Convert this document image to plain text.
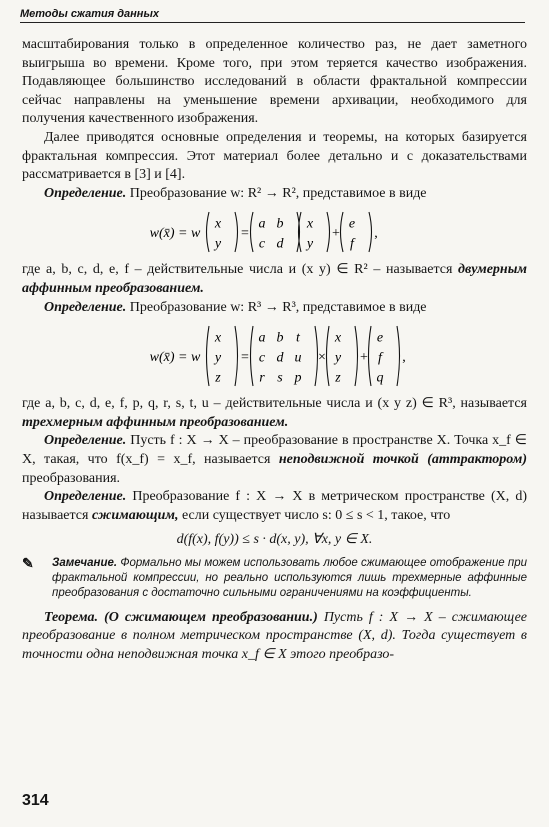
Методы сжатия данных

масштабирования только в определенное количество раз, не дает заметного выигрыша во времени. Кроме того, при этом теряется качество изображения. Подавляющее большинство исследований в области фрактальной компрессии сейчас направлены на уменьшение времени архивации, необходимого для получения качественного изображения.

Далее приводятся основные определения и теоремы, на которых базируется фрактальная компрессия. Этот материал более детально и с доказательствами рассматривается в [3] и [4].

Определение. Преобразование w: R² → R², представимое в виде

w(x̄) = w
x
y
=
a b
c d
x
y
+
e
f
,

где a, b, c, d, e, f – действительные числа и (x y) ∈ R² – называется двумерным аффинным преобразованием.

Определение. Преобразование w: R³ → R³, представимое в виде

w(x̄) = w
x
y
z
=
a b t
c d u
r s p
×
x
y
z
+
e
f
q
,

где a, b, c, d, e, f, p, q, r, s, t, u – действительные числа и (x y z) ∈ R³, называется трехмерным аффинным преобразованием.

Определение. Пусть f : X → X – преобразование в пространстве X. Точка x_f ∈ X, такая, что f(x_f) = x_f, называется неподвижной точкой (аттрактором) преобразования.

Определение. Преобразование f : X → X в метрическом пространстве (X, d) называется сжимающим, если существует число s: 0 ≤ s < 1, такое, что

d(f(x), f(y)) ≤ s · d(x, y), ∀x, y ∈ X.
✎	Замечание. Формально мы можем использовать любое сжимающее отображение при фрактальной компрессии, но реально используются лишь трехмерные аффинные преобразования с достаточно сильными ограничениями на коэффициенты.

Теорема. (О сжимающем преобразовании.) Пусть f : X → X – сжимающее преобразование в полном метрическом пространстве (X, d). Тогда существует в точности одна неподвижная точка x_f ∈ X этого преобразо-

314
